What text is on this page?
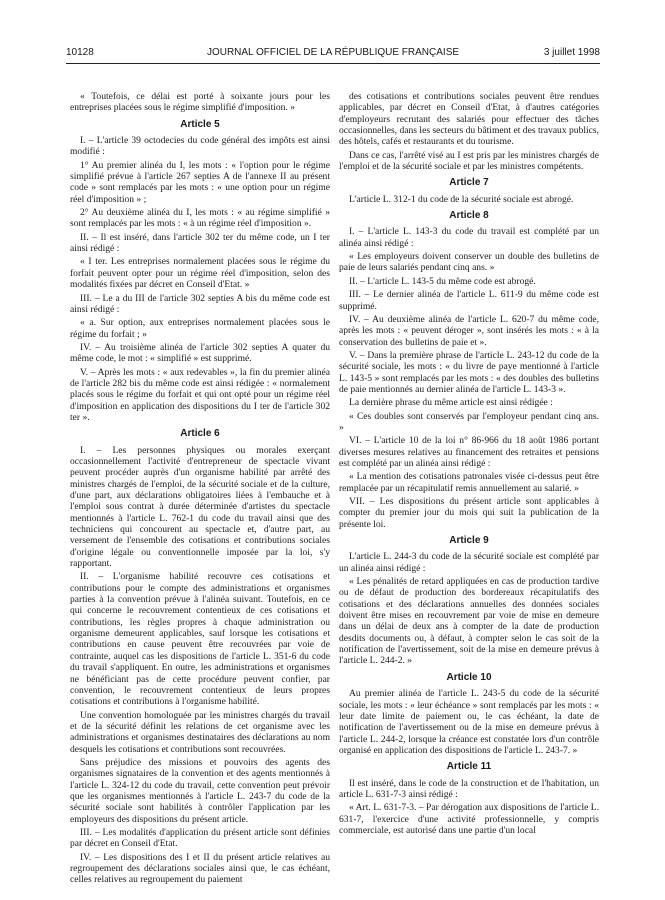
10128	JOURNAL OFFICIEL DE LA RÉPUBLIQUE FRANÇAISE	3 juillet 1998

« Toutefois, ce délai est porté à soixante jours pour les entreprises placées sous le régime simplifié d'imposition. »

Article 5

I. – L'article 39 octodecies du code général des impôts est ainsi modifié :

1° Au premier alinéa du I, les mots : « l'option pour le régime simplifié prévue à l'article 267 septies A de l'annexe II au présent code » sont remplacés par les mots : « une option pour un régime réel d'imposition » ;

2° Au deuxième alinéa du I, les mots : « au régime simplifié » sont remplacés par les mots : « à un régime réel d'imposition ».

II. – Il est inséré, dans l'article 302 ter du même code, un I ter ainsi rédigé :

« I ter. Les entreprises normalement placées sous le régime du forfait peuvent opter pour un régime réel d'imposition, selon des modalités fixées par décret en Conseil d'Etat. »

III. – Le a du III de l'article 302 septies A bis du même code est ainsi rédigé :

« a. Sur option, aux entreprises normalement placées sous le régime du forfait ; »

IV. – Au troisième alinéa de l'article 302 septies A quater du même code, le mot : « simplifié » est supprimé.

V. – Après les mots : « aux redevables », la fin du premier alinéa de l'article 282 bis du même code est ainsi rédigée : « normalement placés sous le régime du forfait et qui ont opté pour un régime réel d'imposition en application des dispositions du I ter de l'article 302 ter ».

Article 6

I. – Les personnes physiques ou morales exerçant occasionnellement l'activité d'entrepreneur de spectacle vivant peuvent procéder auprès d'un organisme habilité par arrêté des ministres chargés de l'emploi, de la sécurité sociale et de la culture, d'une part, aux déclarations obligatoires liées à l'embauche et à l'emploi sous contrat à durée déterminée d'artistes du spectacle mentionnés à l'article L. 762-1 du code du travail ainsi que des techniciens qui concourent au spectacle et, d'autre part, au versement de l'ensemble des cotisations et contributions sociales d'origine légale ou conventionnelle imposée par la loi, s'y rapportant.

II. – L'organisme habilité recouvre ces cotisations et contributions pour le compte des administrations et organismes parties à la convention prévue à l'alinéa suivant. Toutefois, en ce qui concerne le recouvrement contentieux de ces cotisations et contributions, les règles propres à chaque administration ou organisme demeurent applicables, sauf lorsque les cotisations et contributions en cause peuvent être recouvrées par voie de contrainte, auquel cas les dispositions de l'article L. 351-6 du code du travail s'appliquent. En outre, les administrations et organismes ne bénéficiant pas de cette procédure peuvent confier, par convention, le recouvrement contentieux de leurs propres cotisations et contributions à l'organisme habilité.

Une convention homologuée par les ministres chargés du travail et de la sécurité définit les relations de cet organisme avec les administrations et organismes destinataires des déclarations au nom desquels les cotisations et contributions sont recouvrées.

Sans préjudice des missions et pouvoirs des agents des organismes signataires de la convention et des agents mentionnés à l'article L. 324-12 du code du travail, cette convention peut prévoir que les organismes mentionnés à l'article L. 243-7 du code de la sécurité sociale sont habilités à contrôler l'application par les employeurs des dispositions du présent article.

III. – Les modalités d'application du présent article sont définies par décret en Conseil d'Etat.

IV. – Les dispositions des I et II du présent article relatives au regroupement des déclarations sociales ainsi que, le cas échéant, celles relatives au regroupement du paiement

des cotisations et contributions sociales peuvent être rendues applicables, par décret en Conseil d'Etat, à d'autres catégories d'employeurs recrutant des salariés pour effectuer des tâches occasionnelles, dans les secteurs du bâtiment et des travaux publics, des hôtels, cafés et restaurants et du tourisme.

Dans ce cas, l'arrêté visé au I est pris par les ministres chargés de l'emploi et de la sécurité sociale et par les ministres compétents.

Article 7

L'article L. 312-1 du code de la sécurité sociale est abrogé.

Article 8

I. – L'article L. 143-3 du code du travail est complété par un alinéa ainsi rédigé :

« Les employeurs doivent conserver un double des bulletins de paie de leurs salariés pendant cinq ans. »

II. – L'article L. 143-5 du même code est abrogé.

III. – Le dernier alinéa de l'article L. 611-9 du même code est supprimé.

IV. – Au deuxième alinéa de l'article L. 620-7 du même code, après les mots : « peuvent déroger », sont insérés les mots : « à la conservation des bulletins de paie et ».

V. – Dans la première phrase de l'article L. 243-12 du code de la sécurité sociale, les mots : « du livre de paye mentionné à l'article L. 143-5 » sont remplacés par les mots : « des doubles des bulletins de paie mentionnés au dernier alinéa de l'article L. 143-3 ».

La dernière phrase du même article est ainsi rédigée :

« Ces doubles sont conservés par l'employeur pendant cinq ans. »

VI. – L'article 10 de la loi n° 86-966 du 18 août 1986 portant diverses mesures relatives au financement des retraites et pensions est complété par un alinéa ainsi rédigé :

« La mention des cotisations patronales visée ci-dessus peut être remplacée par un récapitulatif remis annuellement au salarié. »

VII. – Les dispositions du présent article sont applicables à compter du premier jour du mois qui suit la publication de la présente loi.

Article 9

L'article L. 244-3 du code de la sécurité sociale est complété par un alinéa ainsi rédigé :

« Les pénalités de retard appliquées en cas de production tardive ou de défaut de production des bordereaux récapitulatifs des cotisations et des déclarations annuelles des données sociales doivent être mises en recouvrement par voie de mise en demeure dans un délai de deux ans à compter de la date de production desdits documents ou, à défaut, à compter selon le cas soit de la notification de l'avertissement, soit de la mise en demeure prévus à l'article L. 244-2. »

Article 10

Au premier alinéa de l'article L. 243-5 du code de la sécurité sociale, les mots : « leur échéance » sont remplacés par les mots : « leur date limite de paiement ou, le cas échéant, la date de notification de l'avertissement ou de la mise en demeure prévus à l'article L. 244-2, lorsque la créance est constatée lors d'un contrôle organisé en application des dispositions de l'article L. 243-7. »

Article 11

Il est inséré, dans le code de la construction et de l'habitation, un article L. 631-7-3 ainsi rédigé :

« Art. L. 631-7-3. – Par dérogation aux dispositions de l'article L. 631-7, l'exercice d'une activité professionnelle, y compris commerciale, est autorisé dans une partie d'un local
